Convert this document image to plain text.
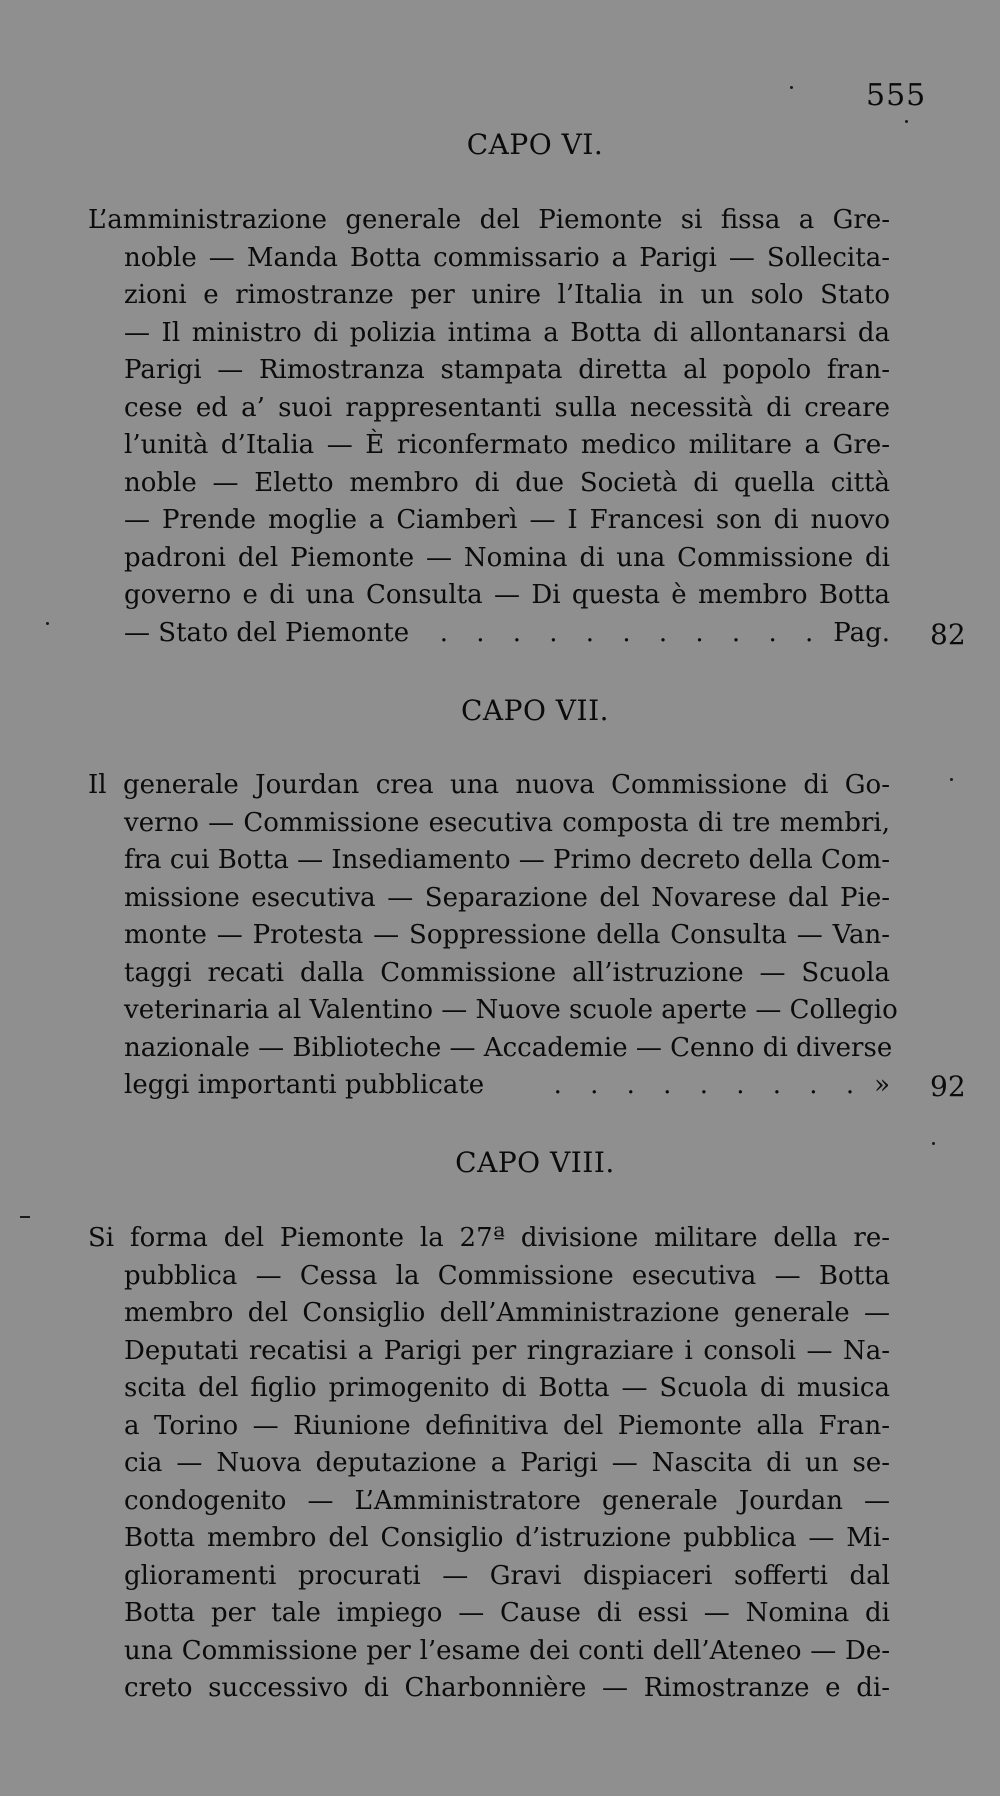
555
CAPO VI.
L’amministrazione generale del Piemonte si fissa a Gre-
noble — Manda Botta commissario a Parigi — Sollecita-
zioni e rimostranze per unire l’Italia in un solo Stato
— Il ministro di polizia intima a Botta di allontanarsi da
Parigi — Rimostranza stampata diretta al popolo fran-
cese ed a’ suoi rappresentanti sulla necessità di creare
l’unità d’Italia — È riconfermato medico militare a Gre-
noble — Eletto membro di due Società di quella città
— Prende moglie a Ciamberì — I Francesi son di nuovo
padroni del Piemonte — Nomina di una Commissione di
governo e di una Consulta — Di questa è membro Botta
— Stato del Piemonte	. . . . . . . . . . . Pag. 82
CAPO VII.
Il generale Jourdan crea una nuova Commissione di Go-
verno — Commissione esecutiva composta di tre membri,
fra cui Botta — Insediamento — Primo decreto della Com-
missione esecutiva — Separazione del Novarese dal Pie-
monte — Protesta — Soppressione della Consulta — Van-
taggi recati dalla Commissione all’istruzione — Scuola
veterinaria al Valentino — Nuove scuole aperte — Collegio
nazionale — Biblioteche — Accademie — Cenno di diverse
leggi importanti pubblicate	. . . . . . . . . » 92
CAPO VIII.
Si forma del Piemonte la 27ª divisione militare della re-
pubblica — Cessa la Commissione esecutiva — Botta
membro del Consiglio dell’Amministrazione generale —
Deputati recatisi a Parigi per ringraziare i consoli — Na-
scita del figlio primogenito di Botta — Scuola di musica
a Torino — Riunione definitiva del Piemonte alla Fran-
cia — Nuova deputazione a Parigi — Nascita di un se-
condogenito — L’Amministratore generale Jourdan —
Botta membro del Consiglio d’istruzione pubblica — Mi-
glioramenti procurati — Gravi dispiaceri sofferti dal
Botta per tale impiego — Cause di essi — Nomina di
una Commissione per l’esame dei conti dell’Ateneo — De-
creto successivo di Charbonnière — Rimostranze e di-
